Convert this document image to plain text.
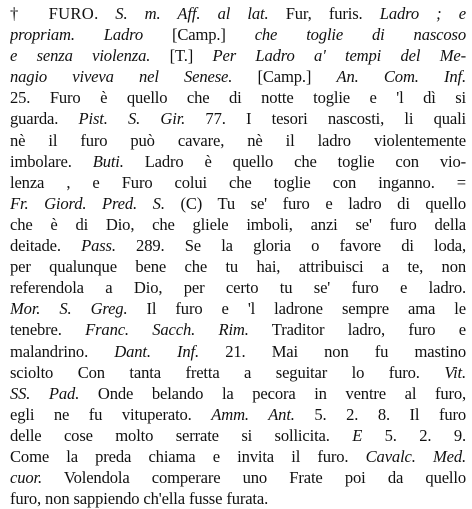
† FURO. S. m. Aff. al lat. Fur, furis. Ladro ; e
propriam. Ladro [Camp.] che toglie di nascoso
e senza violenza. [T.] Per Ladro a' tempi del Me-
nagio viveva nel Senese. [Camp.] An. Com. Inf.
25. Furo è quello che di notte toglie e 'l dì si
guarda. Pist. S. Gir. 77. I tesori nascosti, li quali
nè il furo può cavare, nè il ladro violentemente
imbolare. Buti. Ladro è quello che toglie con vio-
lenza , e Furo colui che toglie con inganno. =
Fr. Giord. Pred. S. (C) Tu se' furo e ladro di quello
che è di Dio, che gliele imboli, anzi se' furo della
deitade. Pass. 289. Se la gloria o favore di loda,
per qualunque bene che tu hai, attribuisci a te, non
referendola a Dio, per certo tu se' furo e ladro.
Mor. S. Greg. Il furo e 'l ladrone sempre ama le
tenebre. Franc. Sacch. Rim. Traditor ladro, furo e
malandrino. Dant. Inf. 21. Mai non fu mastino
sciolto Con tanta fretta a seguitar lo furo. Vit.
SS. Pad. Onde belando la pecora in ventre al furo,
egli ne fu vituperato. Amm. Ant. 5. 2. 8. Il furo
delle cose molto serrate si sollicita. E 5. 2. 9.
Come la preda chiama e invita il furo. Cavalc. Med.
cuor. Volendola comperare uno Frate poi da quello
furo, non sappiendo ch'ella fusse furata.
